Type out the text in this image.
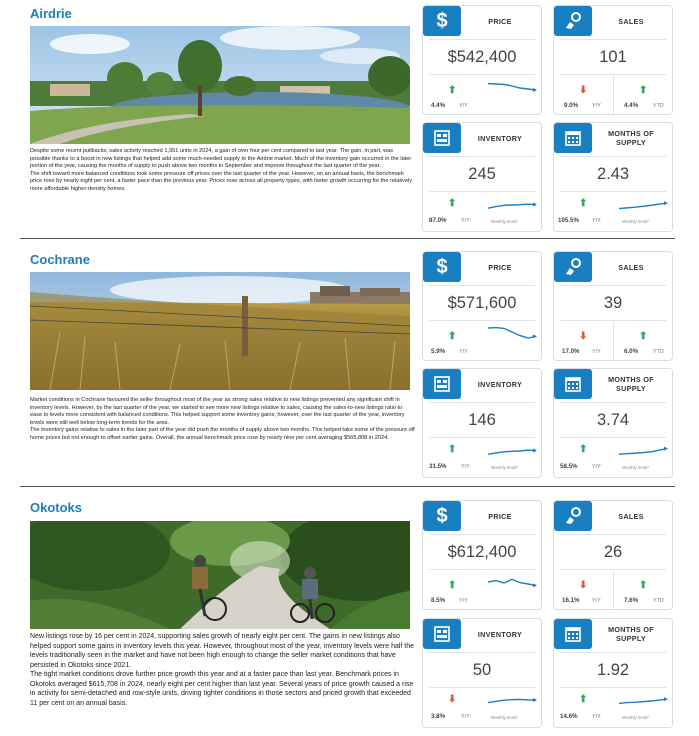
Airdrie

Despite some recent pullbacks, sales activity reached 1,951 units in 2024, a gain of over four per cent compared to last year. The gain, in part, was possible thanks to a boost in new listings that helped add some much-needed supply to the Airdrie market. Much of the inventory gain occurred in the later portion of the year, causing the months of supply to push above two months in September and improve throughout the last quarter of the year.

The shift toward more balanced conditions took some pressure off prices over the last quarter of the year. However, on an annual basis, the benchmark price rose by nearly eight per cent, a faster pace than the previous year. Prices rose across all property types, with faster growth occurring for the relatively more affordable higher-density homes.

$	PRICE
$542,400
⬆
4.4%	Y/Y
SALES
101
⬇
9.0%	Y/Y
⬆
4.4%	YTD
INVENTORY
245
⬆
87.0%	Y/Y	Monthly trend*
MONTHS OF SUPPLY
2.43
⬆
105.5% Y/Y	Monthly trend*
Cochrane

Market conditions in Cochrane favoured the seller throughout most of the year as strong sales relative to new listings prevented any significant shift in inventory levels. However, by the last quarter of the year, we started to see more new listings relative to sales, causing the sales-to-new listings ratio to ease to levels more consistent with balanced conditions. This helped support some inventory gains; however, over the last quarter of the year, inventory levels were still well below long-term trends for the area.

The inventory gains relative to sales in the later part of the year did push the months of supply above two months. This helped take some of the pressure off home prices but not enough to offset earlier gains. Overall, the annual benchmark price rose by nearly nine per cent averaging $565,808 in 2024.

$	PRICE
$571,600
⬆
5.9%	Y/Y
SALES
39
⬇
17.0% Y/Y
⬆
6.0%	YTD
INVENTORY
146
⬆
31.5%	Y/Y	Monthly trend*
MONTHS OF SUPPLY
3.74
⬆
58.5%	Y/Y	Monthly trend*
Okotoks

New listings rose by 16 per cent in 2024, supporting sales growth of nearly eight per cent. The gains in new listings also helped support some gains in inventory levels this year. However, throughout most of the year, inventory levels were half the levels traditionally seen in the market and have not been high enough to change the seller market conditions that have persisted in Okotoks since 2021.

The tight market conditions drove further price growth this year and at a faster pace than last year. Benchmark prices in Okotoks averaged $615,708 in 2024, nearly eight per cent higher than last year. Several years of price growth caused a rise in activity for semi-detached and row-style units, driving tighter conditions in those sectors and priced growth that exceeded 11 per cent on an annual basis.

$	PRICE
$612,400
⬆
8.5%	Y/Y
SALES
26
⬇
16.1% Y/Y
⬆
7.6%	YTD
INVENTORY
50
⬇
3.8%	Y/Y	Monthly trend*
MONTHS OF SUPPLY
1.92
⬆
14.6%	Y/Y	Monthly trend*
